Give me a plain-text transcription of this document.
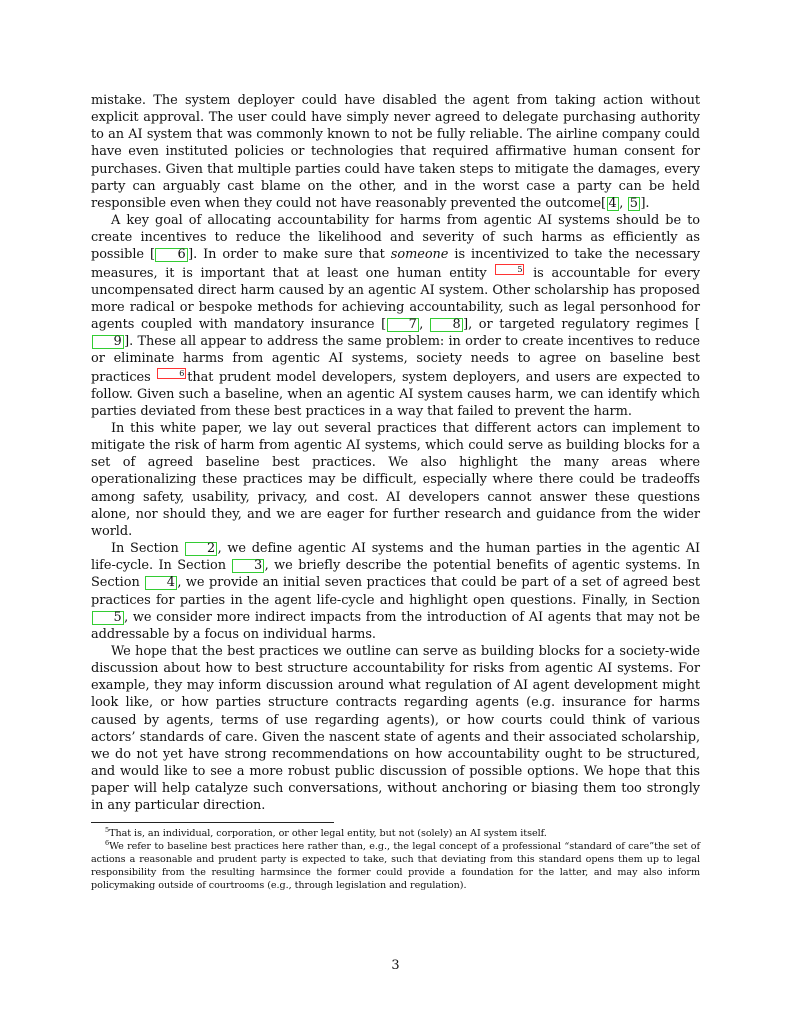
mistake. The system deployer could have disabled the agent from taking action without explicit approval. The user could have simply never agreed to delegate purchasing authority to an AI system that was commonly known to not be fully reliable. The airline company could have even instituted policies or technologies that required affirmative human consent for purchases. Given that multiple parties could have taken steps to mitigate the damages, every party can arguably cast blame on the other, and in the worst case a party can be held responsible even when they could not have reasonably prevented the outcome[ 4 , 5 ].

A key goal of allocating accountability for harms from agentic AI systems should be to create incentives to reduce the likelihood and severity of such harms as efficiently as possible [ 6 ]. In order to make sure that someone is incentivized to take the necessary measures, it is important that at least one human entity	5 is accountable for every uncompensated direct harm caused by an agentic AI system. Other scholarship has proposed more radical or bespoke methods for achieving accountability, such as legal personhood for agents coupled with mandatory insurance [ 7 , 8 ], or targeted regulatory regimes [9 ]. These all appear to address the same problem: in order to create incentives to reduce or eliminate harms from agentic AI systems, society needs to agree on baseline best practices	6 that prudent model developers, system deployers, and users are expected to follow. Given such a baseline, when an agentic AI system causes harm, we can identify which parties deviated from these best practices in a way that failed to prevent the harm.

In this white paper, we lay out several practices that different actors can implement to mitigate the risk of harm from agentic AI systems, which could serve as building blocks for a set of agreed baseline best practices. We also highlight the many areas where operationalizing these practices may be difficult, especially where there could be tradeoffs among safety, usability, privacy, and cost. AI developers cannot answer these questions alone, nor should they, and we are eager for further research and guidance from the wider world.

In Section 2 , we define agentic AI systems and the human parties in the agentic AI life-cycle. In Section 3 , we briefly describe the potential benefits of agentic systems. In Section 4 , we provide an initial seven practices that could be part of a set of agreed best practices for parties in the agent life-cycle and highlight open questions. Finally, in Section 5 , we consider more indirect impacts from the introduction of AI agents that may not be addressable by a focus on individual harms.

We hope that the best practices we outline can serve as building blocks for a society-wide discussion about how to best structure accountability for risks from agentic AI systems. For example, they may inform discussion around what regulation of AI agent development might look like, or how parties structure contracts regarding agents (e.g. insurance for harms caused by agents, terms of use regarding agents), or how courts could think of various actors’ standards of care. Given the nascent state of agents and their associated scholarship, we do not yet have strong recommendations on how accountability ought to be structured, and would like to see a more robust public discussion of possible options. We hope that this paper will help catalyze such conversations, without anchoring or biasing them too strongly in any particular direction.

$^5$That is, an individual, corporation, or other legal entity, but not (solely) an AI system itself.

$^6$We refer to baseline best practices here rather than, e.g., the legal concept of a professional “standard of care”the set of actions a reasonable and prudent party is expected to take, such that deviating from this standard opens them up to legal responsibility from the resulting harmsince the former could provide a foundation for the latter, and may also inform policymaking outside of courtrooms (e.g., through legislation and regulation).

3
